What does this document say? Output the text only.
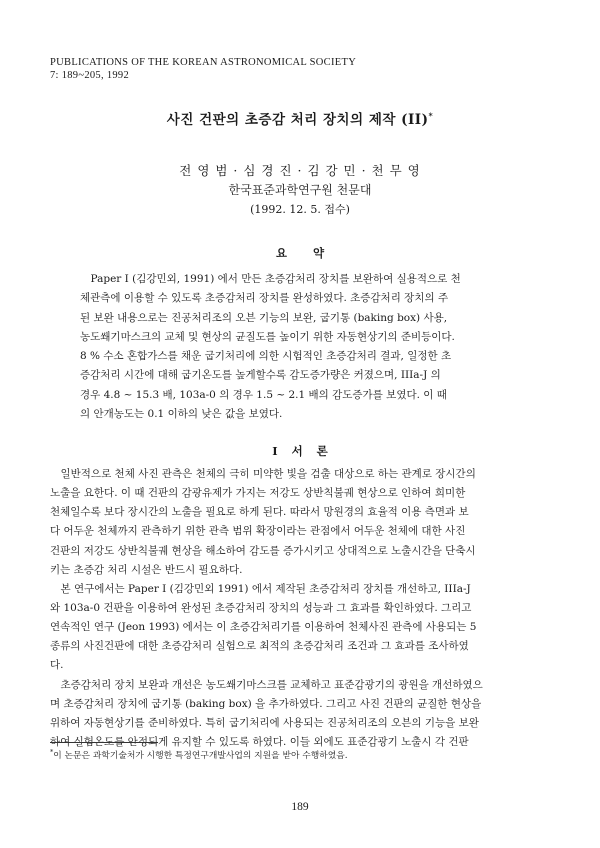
PUBLICATIONS OF THE KOREAN ASTRONOMICAL SOCIETY
7: 189~205, 1992
사진 건판의 초증감 처리 장치의 제작 (II)*
전 영 범 · 심 경 진 · 김 강 민 · 천 무 영
한국표준과학연구원 천문대
(1992. 12. 5. 접수)
요 약
　Paper I (김강민외, 1991) 에서 만든 초증감처리 장치를 보완하여 실용적으로 천
체관측에 이용할 수 있도록 초증감처리 장치를 완성하였다. 초증감처리 장치의 주
된 보완 내용으로는 진공처리조의 오븐 기능의 보완, 굽기통 (baking box) 사용,
농도쐐기마스크의 교체 및 현상의 균질도를 높이기 위한 자동현상기의 준비등이다.
8 % 수소 혼합가스를 채운 굽기처리에 의한 시험적인 초증감처리 결과, 일정한 초
증감처리 시간에 대해 굽기온도를 높게할수록 감도증가량은 커졌으며, IIIa-J 의
경우 4.8 ~ 15.3 배, 103a-0 의 경우 1.5 ~ 2.1 배의 감도증가를 보였다. 이 때
의 안개농도는 0.1 이하의 낮은 값을 보였다.
I 서 론
　일반적으로 천체 사진 관측은 천체의 극히 미약한 빛을 검출 대상으로 하는 관계로 장시간의
노출을 요한다. 이 때 건판의 감광유제가 가지는 저강도 상반칙불궤 현상으로 인하여 희미한
천체일수록 보다 장시간의 노출을 필요로 하게 된다. 따라서 망원경의 효율적 이용 측면과 보
다 어두운 천체까지 관측하기 위한 관측 범위 확장이라는 관점에서 어두운 천체에 대한 사진
건판의 저강도 상반칙불궤 현상을 해소하여 감도를 증가시키고 상대적으로 노출시간을 단축시
키는 초증감 처리 시설은 반드시 필요하다.
　본 연구에서는 Paper I (김강민외 1991) 에서 제작된 초증감처리 장치를 개선하고, IIIa-J
와 103a-0 건판을 이용하여 완성된 초증감처리 장치의 성능과 그 효과를 확인하였다. 그리고
연속적인 연구 (Jeon 1993) 에서는 이 초증감처리기를 이용하여 천체사진 관측에 사용되는 5
종류의 사진건판에 대한 초증감처리 실험으로 최적의 초증감처리 조건과 그 효과를 조사하였
다.
　초증감처리 장치 보완과 개선은 농도쐐기마스크를 교체하고 표준감광기의 광원을 개선하였으
며 초증감처리 장치에 굽기통 (baking box) 을 추가하였다. 그리고 사진 건판의 균질한 현상을
위하여 자동현상기를 준비하였다. 특히 굽기처리에 사용되는 진공처리조의 오븐의 기능을 보완
하여 실험온도를 안정되게 유지할 수 있도록 하였다. 이들 외에도 표준감광기 노출시 각 건판
*이 논문은 과학기술처가 시행한 특정연구개발사업의 지원을 받아 수행하였음.
189
